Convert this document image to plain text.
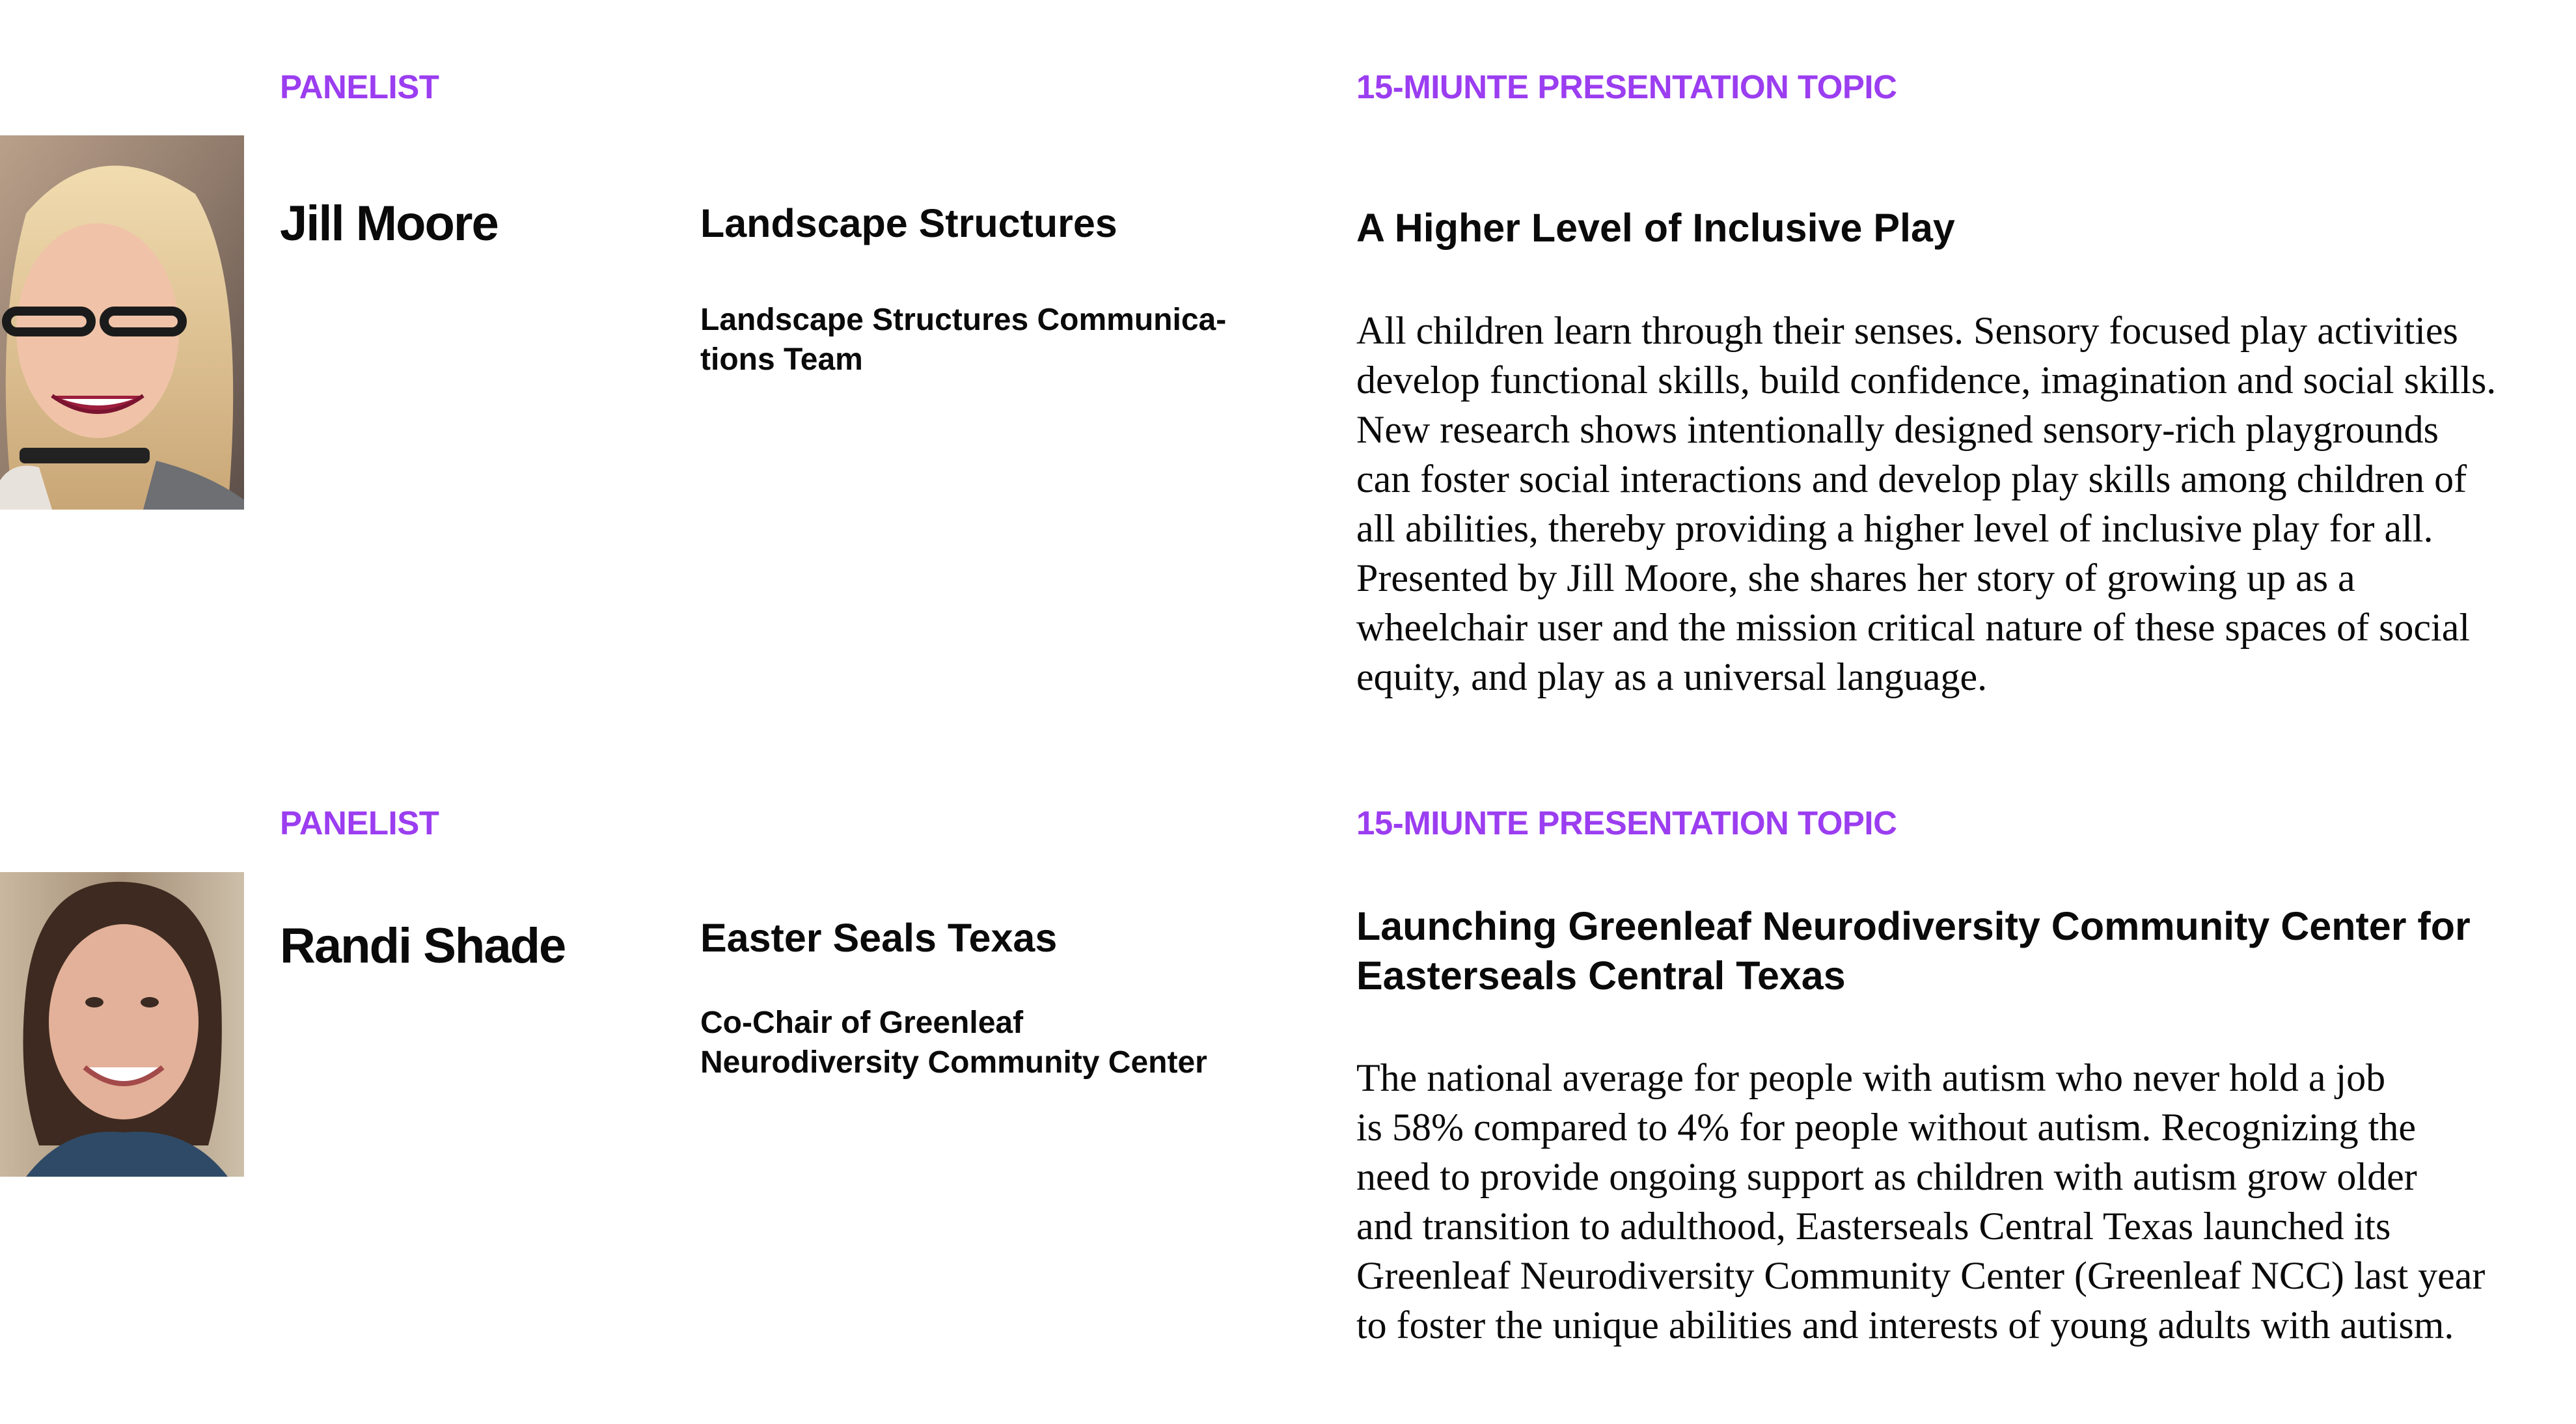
PANELIST	15-MIUNTE PRESENTATION TOPIC
Jill Moore	Landscape Structures
Landscape Structures Communica-
tions Team
A Higher Level of Inclusive Play
All children learn through their senses. Sensory focused play activities
develop functional skills, build confidence, imagination and social skills.
New research shows intentionally designed sensory-rich playgrounds
can foster social interactions and develop play skills among children of
all abilities, thereby providing a higher level of inclusive play for all.
Presented by Jill Moore, she shares her story of growing up as a
wheelchair user and the mission critical nature of these spaces of social
equity, and play as a universal language.
PANELIST	15-MIUNTE PRESENTATION TOPIC
Randi Shade	Easter Seals Texas
Co-Chair of Greenleaf
Neurodiversity Community Center
Launching Greenleaf Neurodiversity Community Center for
Easterseals Central Texas
The national average for people with autism who never hold a job
is 58% compared to 4% for people without autism. Recognizing the
need to provide ongoing support as children with autism grow older
and transition to adulthood, Easterseals Central Texas launched its
Greenleaf Neurodiversity Community Center (Greenleaf NCC) last year
to foster the unique abilities and interests of young adults with autism.
